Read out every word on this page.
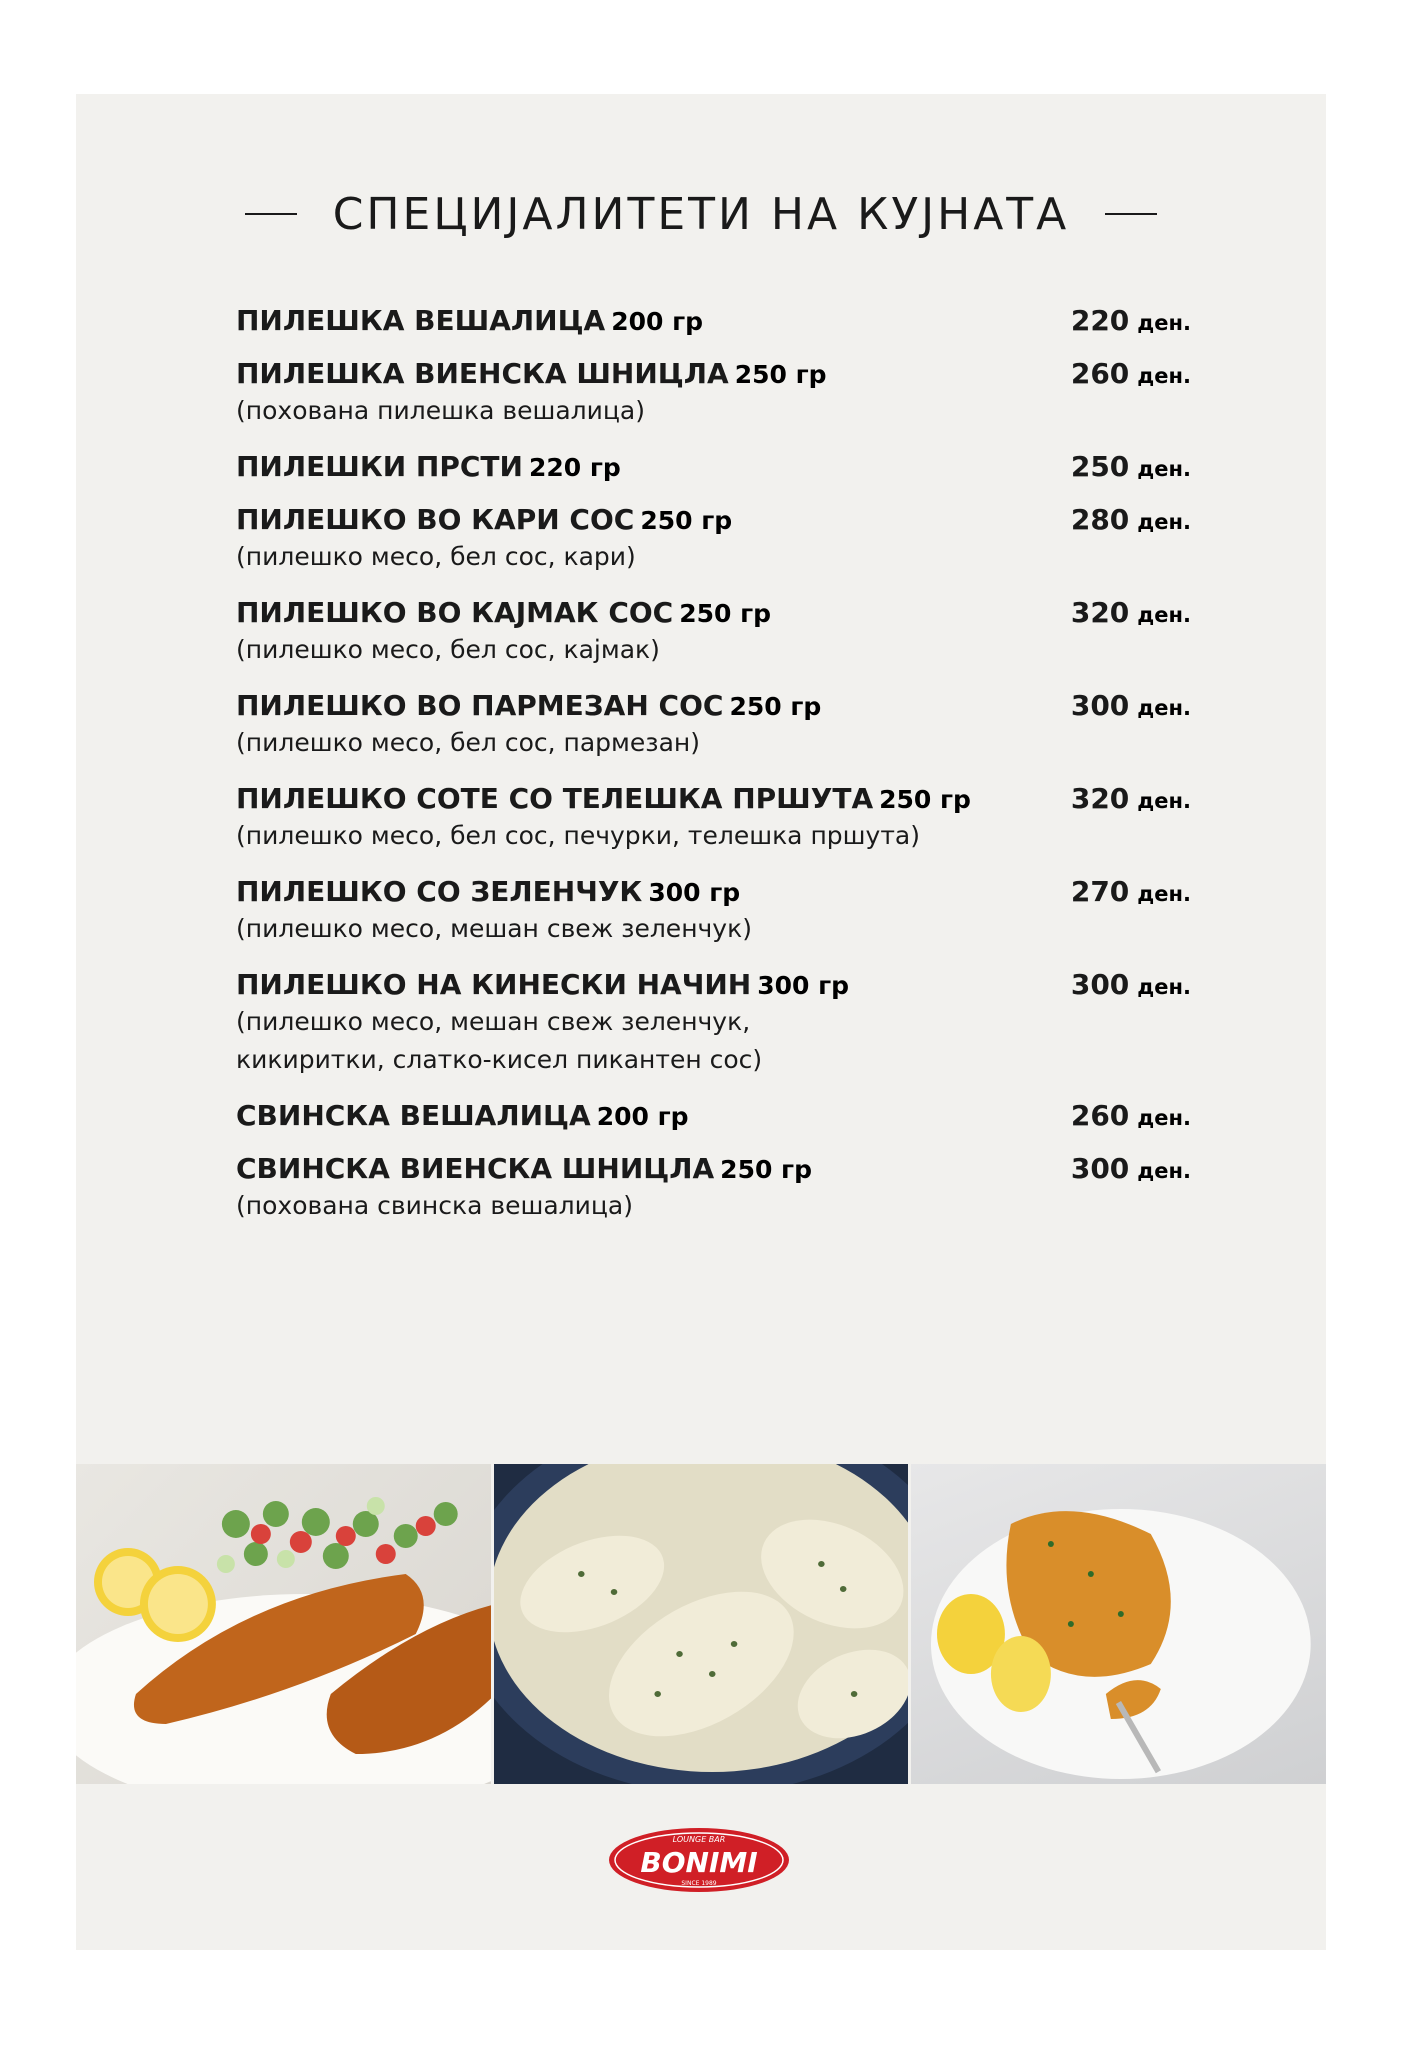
СПЕЦИЈАЛИТЕТИ НА КУЈНАТА
ПИЛЕШКА ВЕШАЛИЦА 200 гр	220 ден.
ПИЛЕШКА ВИЕНСКА ШНИЦЛА 250 гр	260 ден.
(похована пилешка вешалица)
ПИЛЕШКИ ПРСТИ 220 гр	250 ден.
ПИЛЕШКО ВО КАРИ СОС 250 гр	280 ден.
(пилешко месо, бел сос, кари)
ПИЛЕШКО ВО КАЈМАК СОС 250 гр	320 ден.
(пилешко месо, бел сос, кајмак)
ПИЛЕШКО ВО ПАРМЕЗАН СОС 250 гр	300 ден.
(пилешко месо, бел сос, пармезан)
ПИЛЕШКО СОТЕ СО ТЕЛЕШКА ПРШУТА 250 гр	320 ден.
(пилешко месо, бел сос, печурки, телешка пршута)
ПИЛЕШКО СО ЗЕЛЕНЧУК 300 гр	270 ден.
(пилешко месо, мешан свеж зеленчук)
ПИЛЕШКО НА КИНЕСКИ НАЧИН 300 гр	300 ден.
(пилешко месо, мешан свеж зеленчук,
кикиритки, слатко-кисел пикантен сос)
СВИНСКА ВЕШАЛИЦА 200 гр	260 ден.
СВИНСКА ВИЕНСКА ШНИЦЛА 250 гр	300 ден.
(похована свинска вешалица)
LOUNGE BAR
BONIMI
SINCE 1989
